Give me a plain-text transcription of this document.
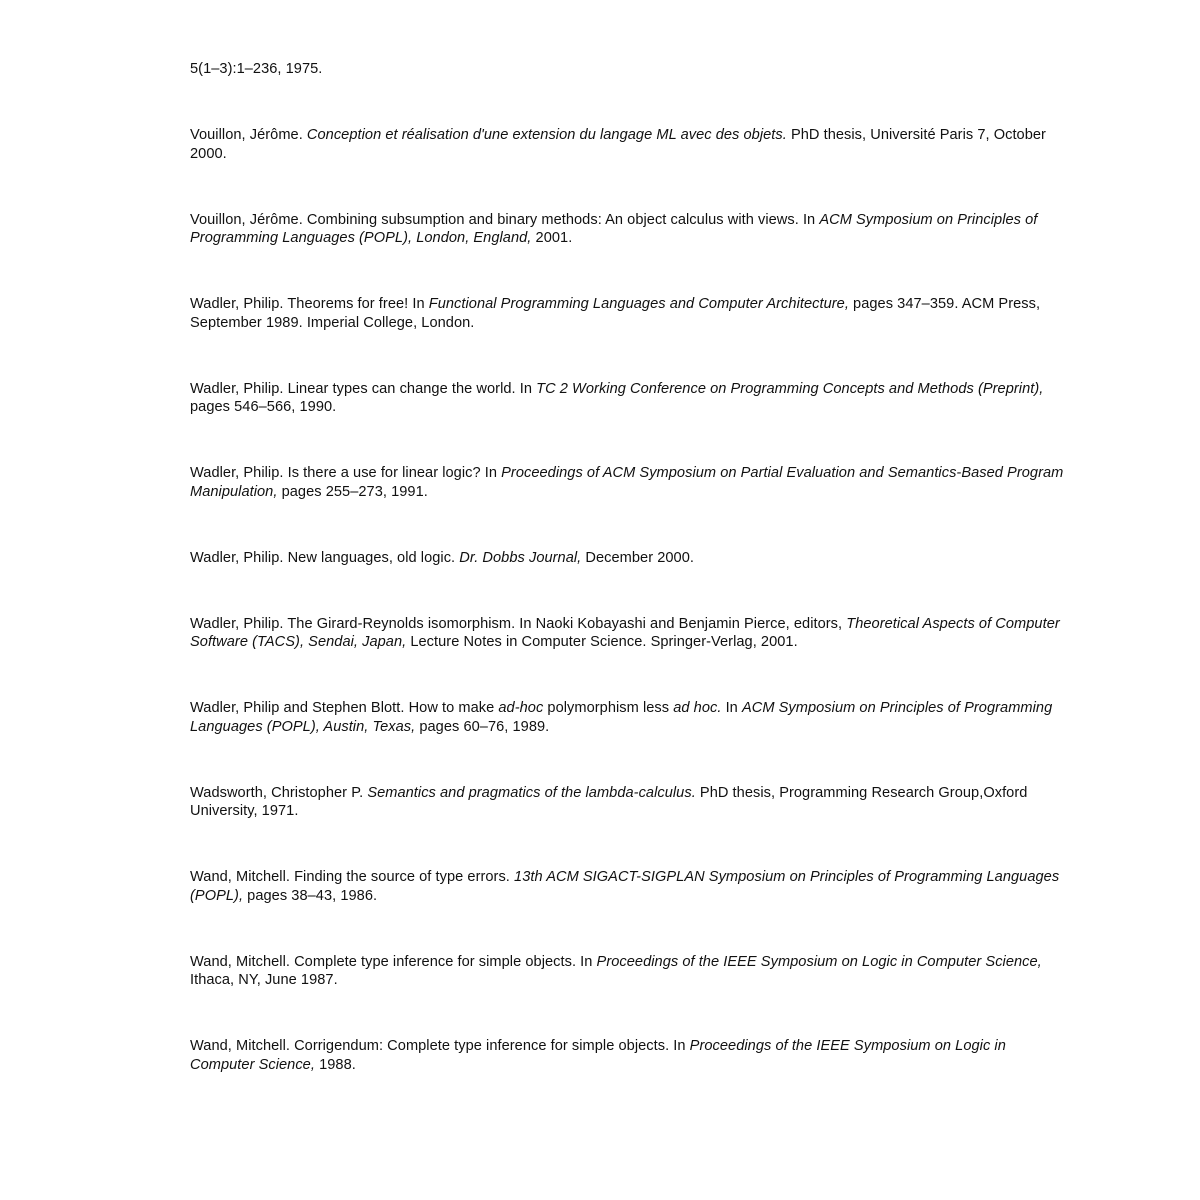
5(1–3):1–236, 1975.

Vouillon, Jérôme. Conception et réalisation d'une extension du langage ML avec des objets. PhD thesis, Université Paris 7, October 2000.

Vouillon, Jérôme. Combining subsumption and binary methods: An object calculus with views. In ACM Symposium on Principles of Programming Languages (POPL), London, England, 2001.

Wadler, Philip. Theorems for free! In Functional Programming Languages and Computer Architecture, pages 347–359. ACM Press, September 1989. Imperial College, London.

Wadler, Philip. Linear types can change the world. In TC 2 Working Conference on Programming Concepts and Methods (Preprint), pages 546–566, 1990.

Wadler, Philip. Is there a use for linear logic? In Proceedings of ACM Symposium on Partial Evaluation and Semantics-Based Program Manipulation, pages 255–273, 1991.

Wadler, Philip. New languages, old logic. Dr. Dobbs Journal, December 2000.

Wadler, Philip. The Girard-Reynolds isomorphism. In Naoki Kobayashi and Benjamin Pierce, editors, Theoretical Aspects of Computer Software (TACS), Sendai, Japan, Lecture Notes in Computer Science. Springer-Verlag, 2001.

Wadler, Philip and Stephen Blott. How to make ad-hoc polymorphism less ad hoc. In ACM Symposium on Principles of Programming Languages (POPL), Austin, Texas, pages 60–76, 1989.

Wadsworth, Christopher P. Semantics and pragmatics of the lambda-calculus. PhD thesis, Programming Research Group,Oxford University, 1971.

Wand, Mitchell. Finding the source of type errors. 13th ACM SIGACT-SIGPLAN Symposium on Principles of Programming Languages (POPL), pages 38–43, 1986.

Wand, Mitchell. Complete type inference for simple objects. In Proceedings of the IEEE Symposium on Logic in Computer Science, Ithaca, NY, June 1987.

Wand, Mitchell. Corrigendum: Complete type inference for simple objects. In Proceedings of the IEEE Symposium on Logic in Computer Science, 1988.
